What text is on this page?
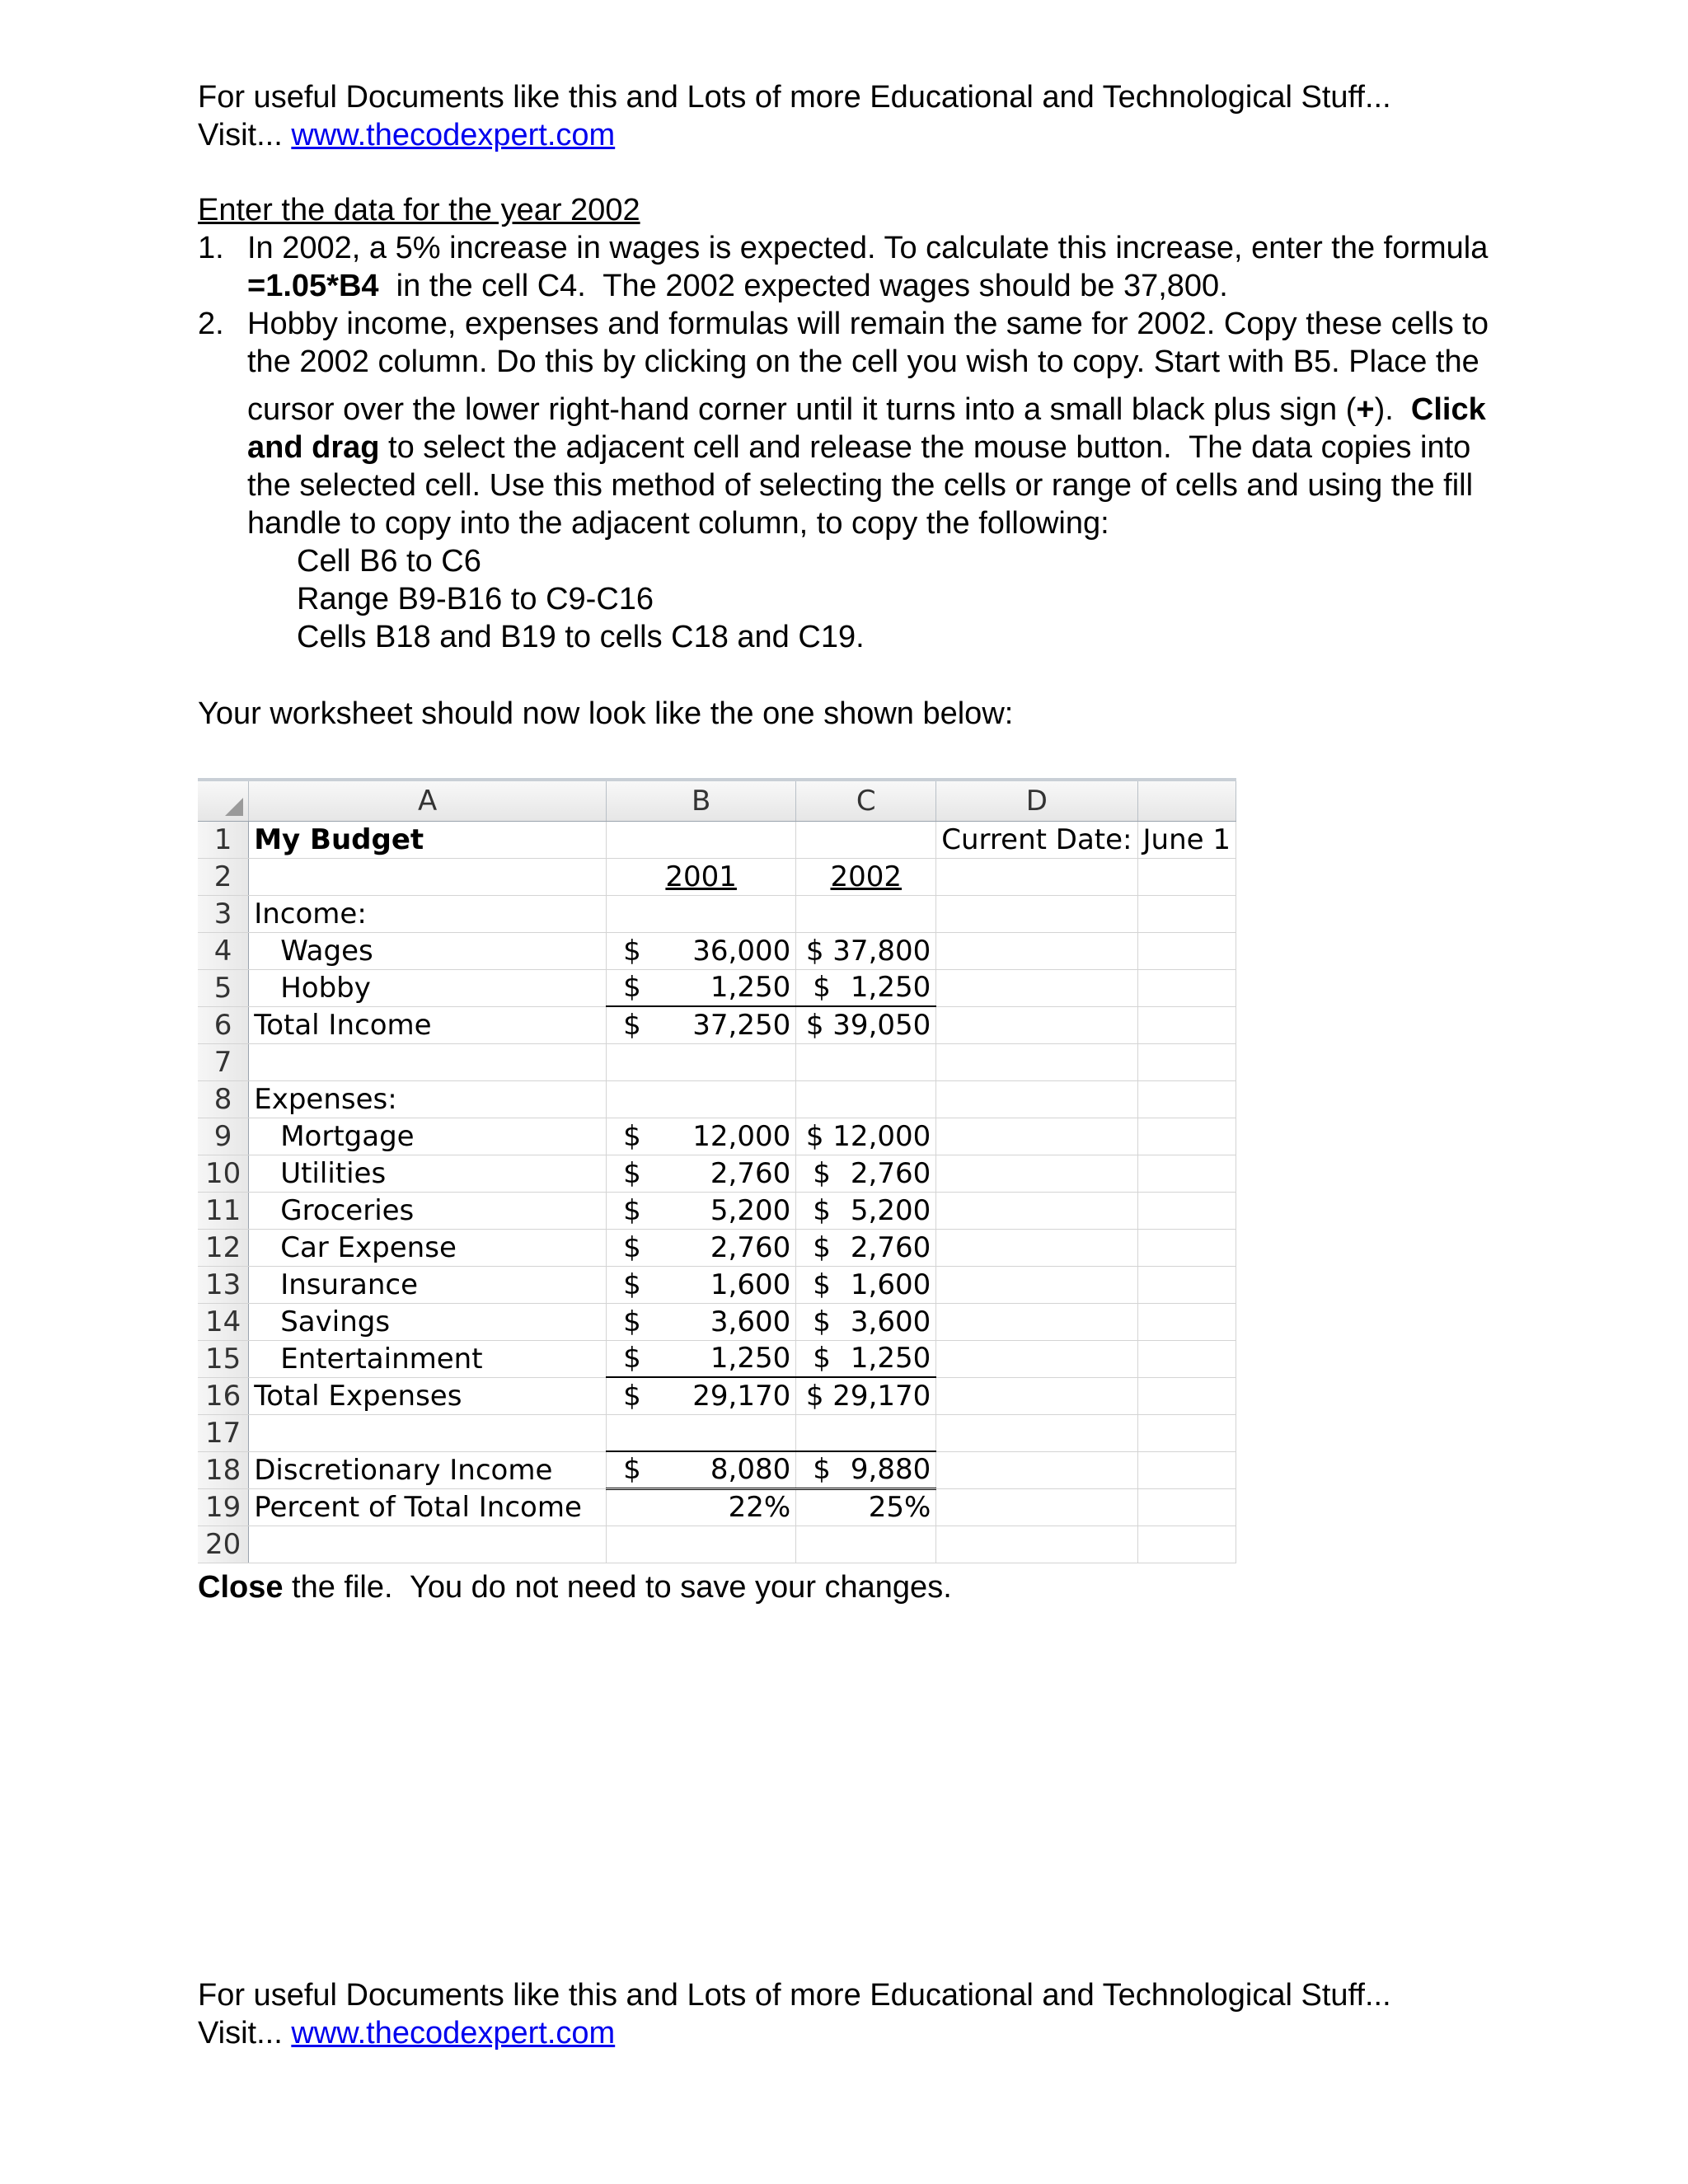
For useful Documents like this and Lots of more Educational and Technological Stuff...
Visit... www.thecodexpert.com
Enter the data for the year 2002
1. In 2002, a 5% increase in wages is expected. To calculate this increase, enter the formula
=1.05*B4  in the cell C4.  The 2002 expected wages should be 37,800.
2. Hobby income, expenses and formulas will remain the same for 2002. Copy these cells to
the 2002 column. Do this by clicking on the cell you wish to copy. Start with B5. Place the
cursor over the lower right-hand corner until it turns into a small black plus sign (+).  Click
and drag to select the adjacent cell and release the mouse button.  The data copies into
the selected cell. Use this method of selecting the cells or range of cells and using the fill
handle to copy into the adjacent column, to copy the following:
Cell B6 to C6
Range B9-B16 to C9-C16
Cells B18 and B19 to cells C18 and C19.
Your worksheet should now look like the one shown below:
	A	B	C	D	
1	My Budget			Current Date:	June 1
2		2001	2002		
3	Income:				
4	Wages	$ 36,000	$ 37,800		
5	Hobby	$ 1,250	$ 1,250		

6	Total Income	$ 37,250	$ 39,050		
7					
8	Expenses:				
9	Mortgage	$ 12,000	$ 12,000		
10	Utilities	$ 2,760	$ 2,760		

11	Groceries	$ 5,200	$ 5,200		

12	Car Expense	$ 2,760	$ 2,760		

13	Insurance	$ 1,600	$ 1,600		

14	Savings	$ 3,600	$ 3,600		

15	Entertainment	$ 1,250	$ 1,250		

16	Total Expenses	$ 29,170	$ 29,170		
17					
18	Discretionary Income	$ 8,080	$ 9,880		

19	Percent of Total Income	22%	25%		
20					
Close the file.  You do not need to save your changes.
For useful Documents like this and Lots of more Educational and Technological Stuff...
Visit... www.thecodexpert.com
